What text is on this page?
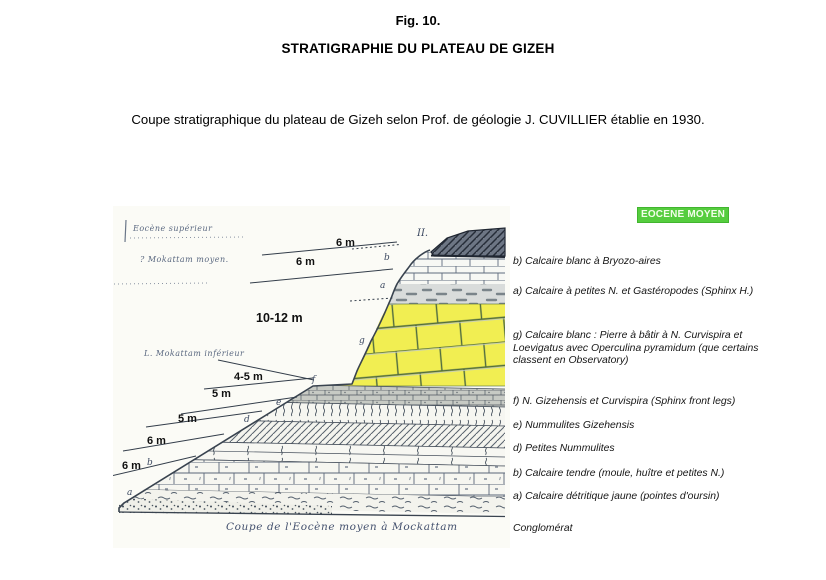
Fig. 10.
STRATIGRAPHIE DU PLATEAU DE GIZEH
Coupe stratigraphique du plateau de Gizeh selon Prof. de géologie J. CUVILLIER établie en 1930.
EOCENE MOYEN
b) Calcaire blanc à Bryozo-aires
a) Calcaire à petites N. et Gastéropodes (Sphinx H.)
g) Calcaire blanc : Pierre à bâtir à N. Curvispira et Loevigatus avec Operculina pyramidum (que certains classent en Observatory)
f) N. Gizehensis et Curvispira (Sphinx front legs)
e) Nummulites Gizehensis
d) Petites Nummulites
b) Calcaire tendre (moule, huître et petites N.)
a) Calcaire détritique jaune (pointes d'oursin)
Conglomérat
6 m
6 m
10-12 m
4-5 m
5 m
5 m
6 m
6 m
II.
b
a
g
f
e
d
b
a
Eocène supérieur
? Mokattam moyen.
L. Mokattam inférieur
Coupe de l'Eocène moyen à Mockattam
